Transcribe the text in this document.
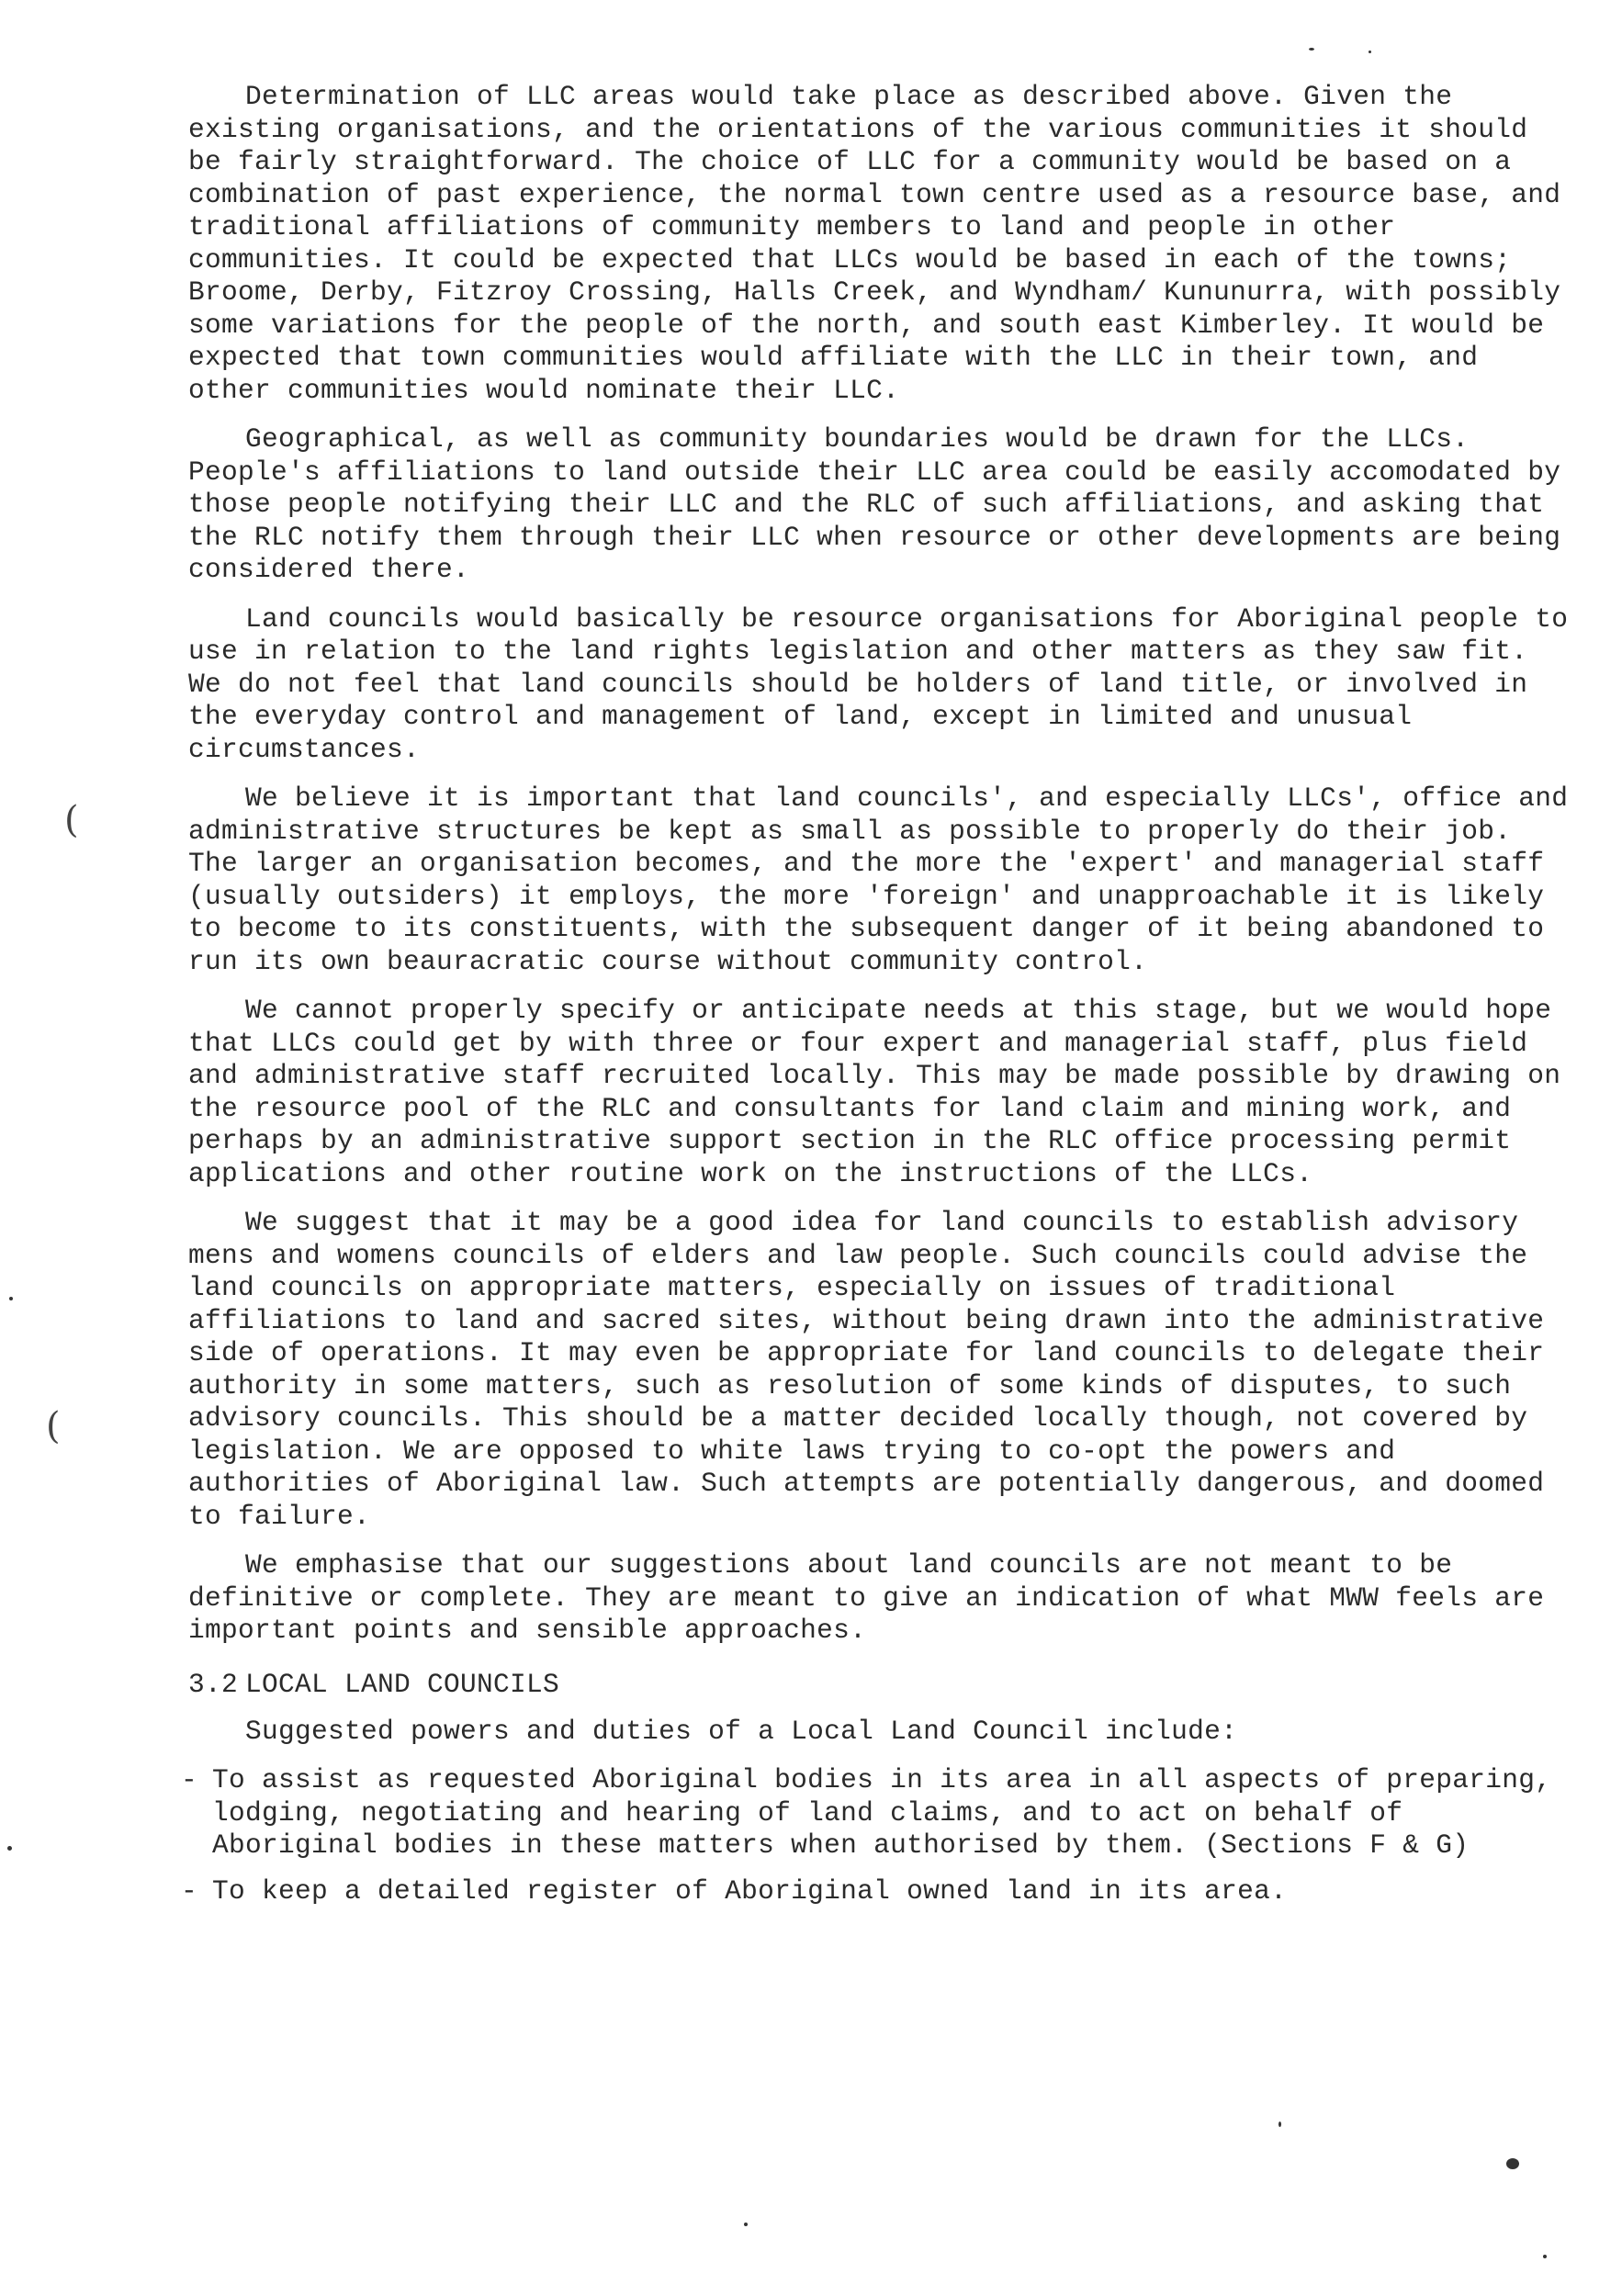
Determination of LLC areas would take place as described above. Given the existing organisations, and the orientations of the various communities it should be fairly straightforward. The choice of LLC for a community would be based on a combination of past experience, the normal town centre used as a resource base, and traditional affiliations of community members to land and people in other communities. It could be expected that LLCs would be based in each of the towns; Broome, Derby, Fitzroy Crossing, Halls Creek, and Wyndham/ Kununurra, with possibly some variations for the people of the north, and south east Kimberley. It would be expected that town communities would affiliate with the LLC in their town, and other communities would nominate their LLC.

Geographical, as well as community boundaries would be drawn for the LLCs. People's affiliations to land outside their LLC area could be easily accomodated by those people notifying their LLC and the RLC of such affiliations, and asking that the RLC notify them through their LLC when resource or other developments are being considered there.

Land councils would basically be resource organisations for Aboriginal people to use in relation to the land rights legislation and other matters as they saw fit. We do not feel that land councils should be holders of land title, or involved in the everyday control and management of land, except in limited and unusual circumstances.

We believe it is important that land councils', and especially LLCs', office and administrative structures be kept as small as possible to properly do their job. The larger an organisation becomes, and the more the 'expert' and managerial staff (usually outsiders) it employs, the more 'foreign' and unapproachable it is likely to become to its constituents, with the subsequent danger of it being abandoned to run its own beauracratic course without community control.

We cannot properly specify or anticipate needs at this stage, but we would hope that LLCs could get by with three or four expert and managerial staff, plus field and administrative staff recruited locally. This may be made possible by drawing on the resource pool of the RLC and consultants for land claim and mining work, and perhaps by an administrative support section in the RLC office processing permit applications and other routine work on the instructions of the LLCs.

We suggest that it may be a good idea for land councils to establish advisory mens and womens councils of elders and law people. Such councils could advise the land councils on appropriate matters, especially on issues of traditional affiliations to land and sacred sites, without being drawn into the administrative side of operations. It may even be appropriate for land councils to delegate their authority in some matters, such as resolution of some kinds of disputes, to such advisory councils. This should be a matter decided locally though, not covered by legislation. We are opposed to white laws trying to co-opt the powers and authorities of Aboriginal law. Such attempts are potentially dangerous, and doomed to failure.

We emphasise that our suggestions about land councils are not meant to be definitive or complete. They are meant to give an indication of what MWW feels are important points and sensible approaches.

3.2 LOCAL LAND COUNCILS

Suggested powers and duties of a Local Land Council include:

- To assist as requested Aboriginal bodies in its area in all aspects of preparing, lodging, negotiating and hearing of land claims, and to act on behalf of Aboriginal bodies in these matters when authorised by them. (Sections F & G)
- To keep a detailed register of Aboriginal owned land in its area.
(
(
